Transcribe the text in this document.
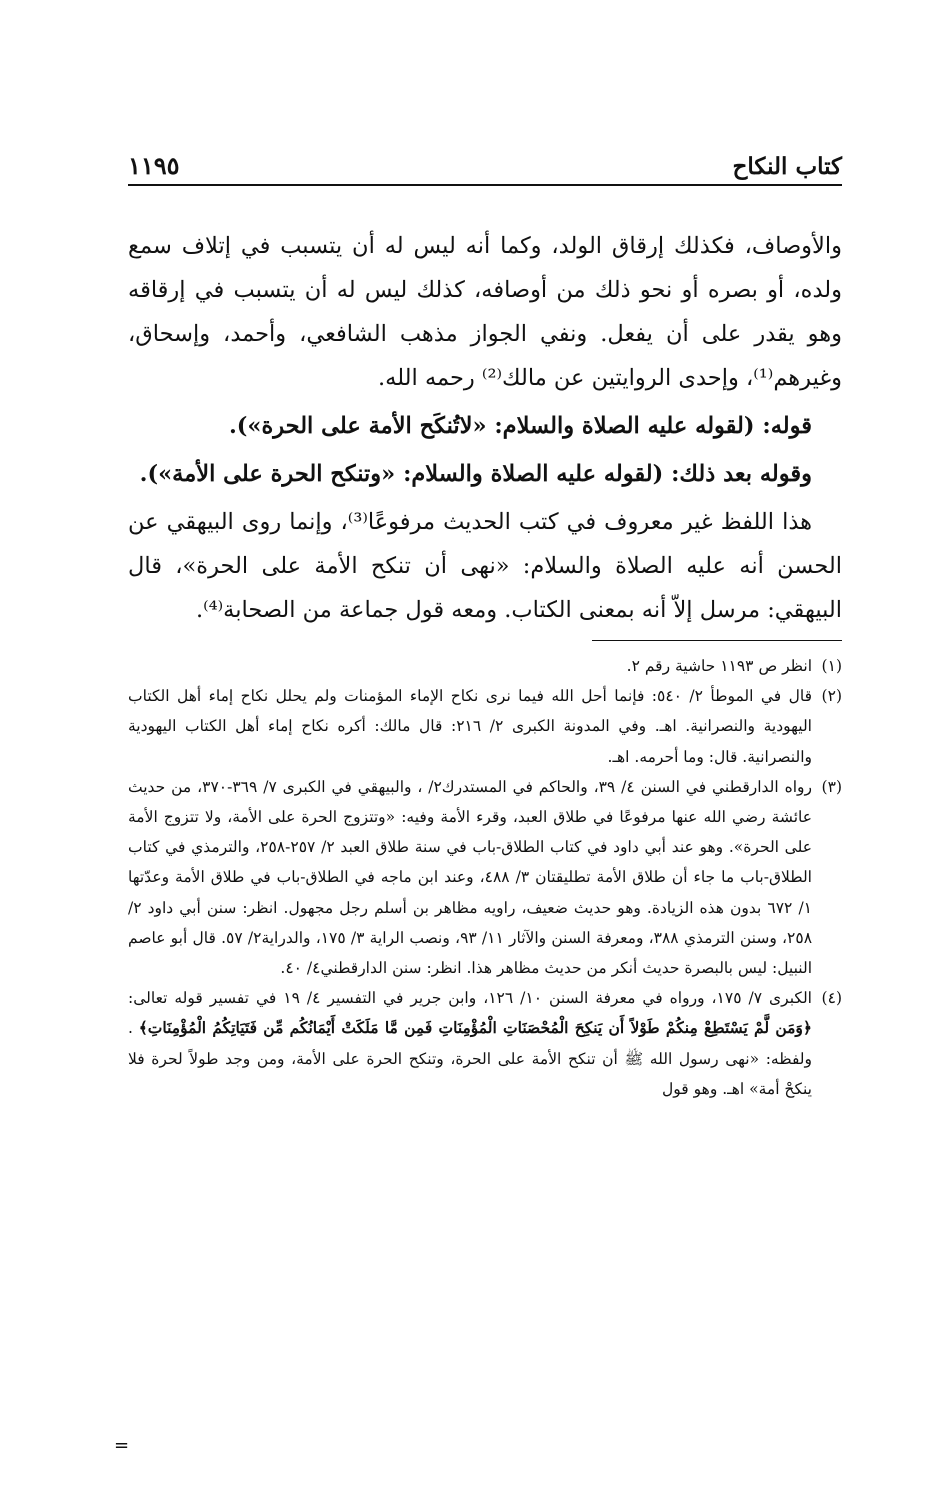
كتاب النكاح
١١٩٥

والأوصاف، فكذلك إرقاق الولد، وكما أنه ليس له أن يتسبب في إتلاف سمع ولده، أو بصره أو نحو ذلك من أوصافه، كذلك ليس له أن يتسبب في إرقاقه وهو يقدر على أن يفعل. ونفي الجواز مذهب الشافعي، وأحمد، وإسحاق، وغيرهم⁽¹⁾، وإحدى الروايتين عن مالك⁽²⁾ رحمه الله.

قوله: (لقوله عليه الصلاة والسلام: «لاتُنكَح الأمة على الحرة»).

وقوله بعد ذلك: (لقوله عليه الصلاة والسلام: «وتنكح الحرة على الأمة»).

هذا اللفظ غير معروف في كتب الحديث مرفوعًا⁽³⁾، وإنما روى البيهقي عن الحسن أنه عليه الصلاة والسلام: «نهى أن تنكح الأمة على الحرة»، قال البيهقي: مرسل إلاّ أنه بمعنى الكتاب. ومعه قول جماعة من الصحابة⁽⁴⁾.

(١)
انظر ص ١١٩٣ حاشية رقم ٢.
(٢)
قال في الموطأ ٢/ ٥٤٠: فإنما أحل الله فيما نرى نكاح الإماء المؤمنات ولم يحلل نكاح إماء أهل الكتاب اليهودية والنصرانية. اهـ. وفي المدونة الكبرى ٢/ ٢١٦: قال مالك: أكره نكاح إماء أهل الكتاب اليهودية والنصرانية. قال: وما أحرمه. اهـ.
(٣)
رواه الدارقطني في السنن ٤/ ٣٩، والحاكم في المستدرك٢/ ، والبيهقي في الكبرى ٧/ ٣٦٩-٣٧٠، من حديث عائشة رضي الله عنها مرفوعًا في طلاق العبد، وقرء الأمة وفيه: «وتتزوج الحرة على الأمة، ولا تتزوج الأمة على الحرة». وهو عند أبي داود في كتاب الطلاق-باب في سنة طلاق العبد ٢/ ٢٥٧-٢٥٨، والترمذي في كتاب الطلاق-باب ما جاء أن طلاق الأمة تطليقتان ٣/ ٤٨٨، وعند ابن ماجه في الطلاق-باب في طلاق الأمة وعدّتها ١/ ٦٧٢ بدون هذه الزيادة. وهو حديث ضعيف، راويه مظاهر بن أسلم رجل مجهول. انظر: سنن أبي داود ٢/ ٢٥٨، وسنن الترمذي ٣٨٨، ومعرفة السنن والآثار ١١/ ٩٣، ونصب الراية ٣/ ١٧٥، والدراية٢/ ٥٧. قال أبو عاصم النبيل: ليس بالبصرة حديث أنكر من حديث مظاهر هذا. انظر: سنن الدارقطني٤/ ٤٠.
(٤)
الكبرى ٧/ ١٧٥، ورواه في معرفة السنن ١٠/ ١٢٦، وابن جرير في التفسير ٤/ ١٩ في تفسير قوله تعالى: ﴿وَمَن لَّمْ يَسْتَطِعْ مِنكُمْ طَوْلاً أَن يَنكِحَ الْمُحْصَنَاتِ الْمُؤْمِنَاتِ فَمِن مَّا مَلَكَتْ أَيْمَانُكُم مِّن فَتَيَاتِكُمُ الْمُؤْمِنَاتِ﴾ . ولفظه: «نهى رسول الله ﷺ أن تنكح الأمة على الحرة، وتنكح الحرة على الأمة، ومن وجد طولاً لحرة فلا ينكحْ أمة» اهـ. وهو قول
=
